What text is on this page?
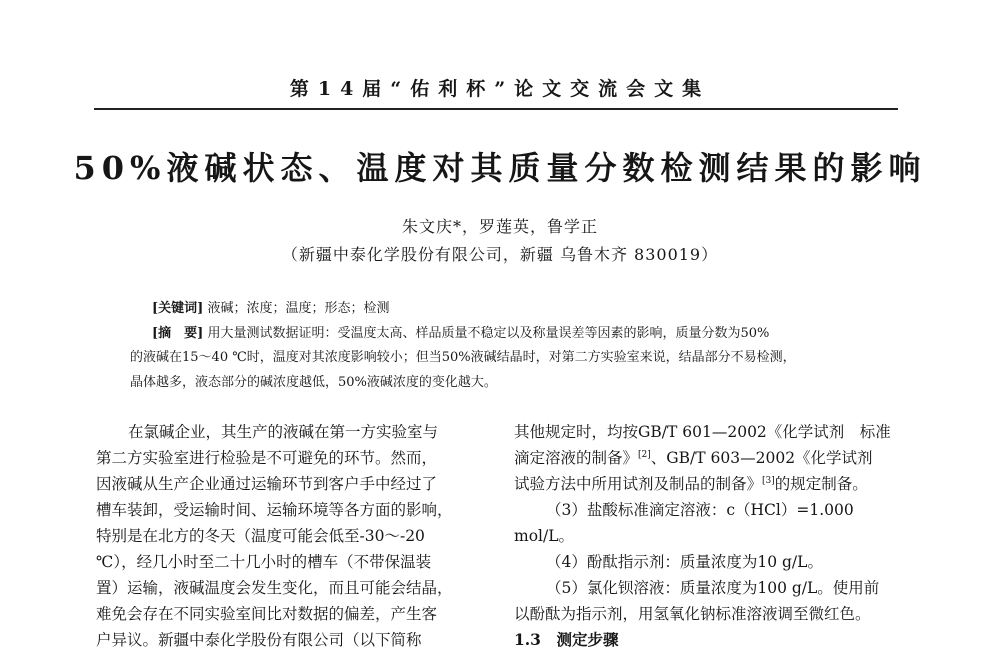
第14届“佑利杯”论文交流会文集
50%液碱状态、温度对其质量分数检测结果的影响
朱文庆*，罗莲英，鲁学正
（新疆中泰化学股份有限公司，新疆 乌鲁木齐 830019）
[关键词] 液碱；浓度；温度；形态；检测
[摘　要] 用大量测试数据证明：受温度太高、样品质量不稳定以及称量误差等因素的影响，质量分数为50%
的液碱在15～40 ℃时，温度对其浓度影响较小；但当50%液碱结晶时，对第二方实验室来说，结晶部分不易检测，
晶体越多，液态部分的碱浓度越低，50%液碱浓度的变化越大。
在氯碱企业，其生产的液碱在第一方实验室与
第二方实验室进行检验是不可避免的环节。然而，
因液碱从生产企业通过运输环节到客户手中经过了
槽车装卸，受运输时间、运输环境等各方面的影响，
特别是在北方的冬天（温度可能会低至-30～-20
℃），经几小时至二十几小时的槽车（不带保温装
置）运输，液碱温度会发生变化，而且可能会结晶，
难免会存在不同实验室间比对数据的偏差，产生客
户异议。新疆中泰化学股份有限公司（以下简称
其他规定时，均按GB/T 601—2002《化学试剂　标准
滴定溶液的制备》[2]、GB/T 603—2002《化学试剂
试验方法中所用试剂及制品的制备》[3]的规定制备。
（3）盐酸标准滴定溶液：c（HCl）=1.000
mol/L。
（4）酚酞指示剂：质量浓度为10 g/L。
（5）氯化钡溶液：质量浓度为100 g/L。使用前
以酚酞为指示剂，用氢氧化钠标准溶液调至微红色。
1.3　测定步骤
